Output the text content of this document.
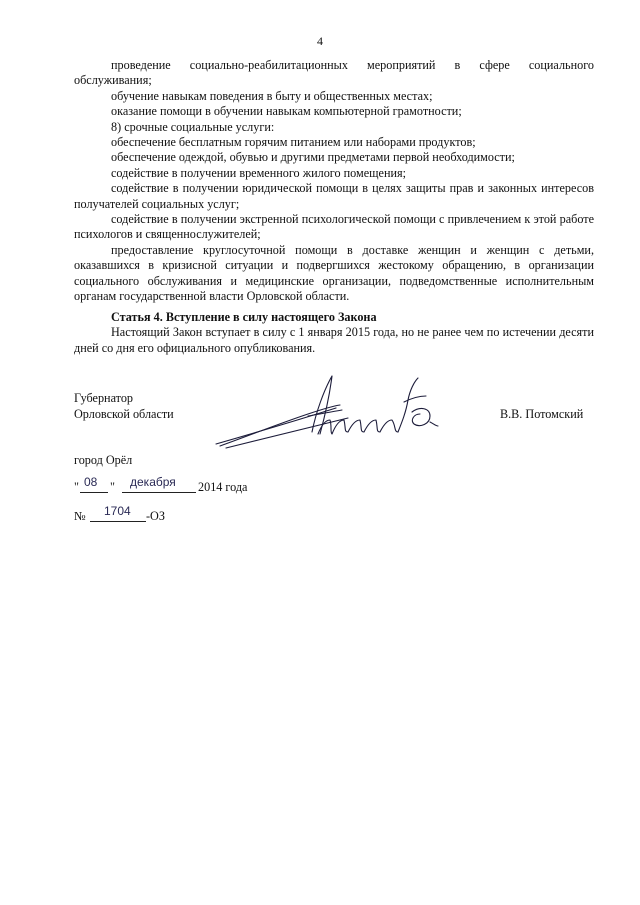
4

проведение социально-реабилитационных мероприятий в сфере социального обслуживания;

обучение навыкам поведения в быту и общественных местах;

оказание помощи в обучении навыкам компьютерной грамотности;

8) срочные социальные услуги:

обеспечение бесплатным горячим питанием или наборами продуктов;

обеспечение одеждой, обувью и другими предметами первой необходимости;

содействие в получении временного жилого помещения;

содействие в получении юридической помощи в целях защиты прав и законных интересов получателей социальных услуг;

содействие в получении экстренной психологической помощи с привлечением к этой работе психологов и священнослужителей;

предоставление круглосуточной помощи в доставке женщин и женщин с детьми, оказавшихся в кризисной ситуации и подвергшихся жестокому обращению, в организации социального обслуживания и медицинские организации, подведомственные исполнительным органам государственной власти Орловской области.

Статья 4. Вступление в силу настоящего Закона

Настоящий Закон вступает в силу с 1 января 2015 года, но не ранее чем по истечении десяти дней со дня его официального опубликования.

Губернатор
Орловской области	В.В. Потомский
город Орёл
" 08 " декабря 2014 года
№ 1704 -ОЗ
